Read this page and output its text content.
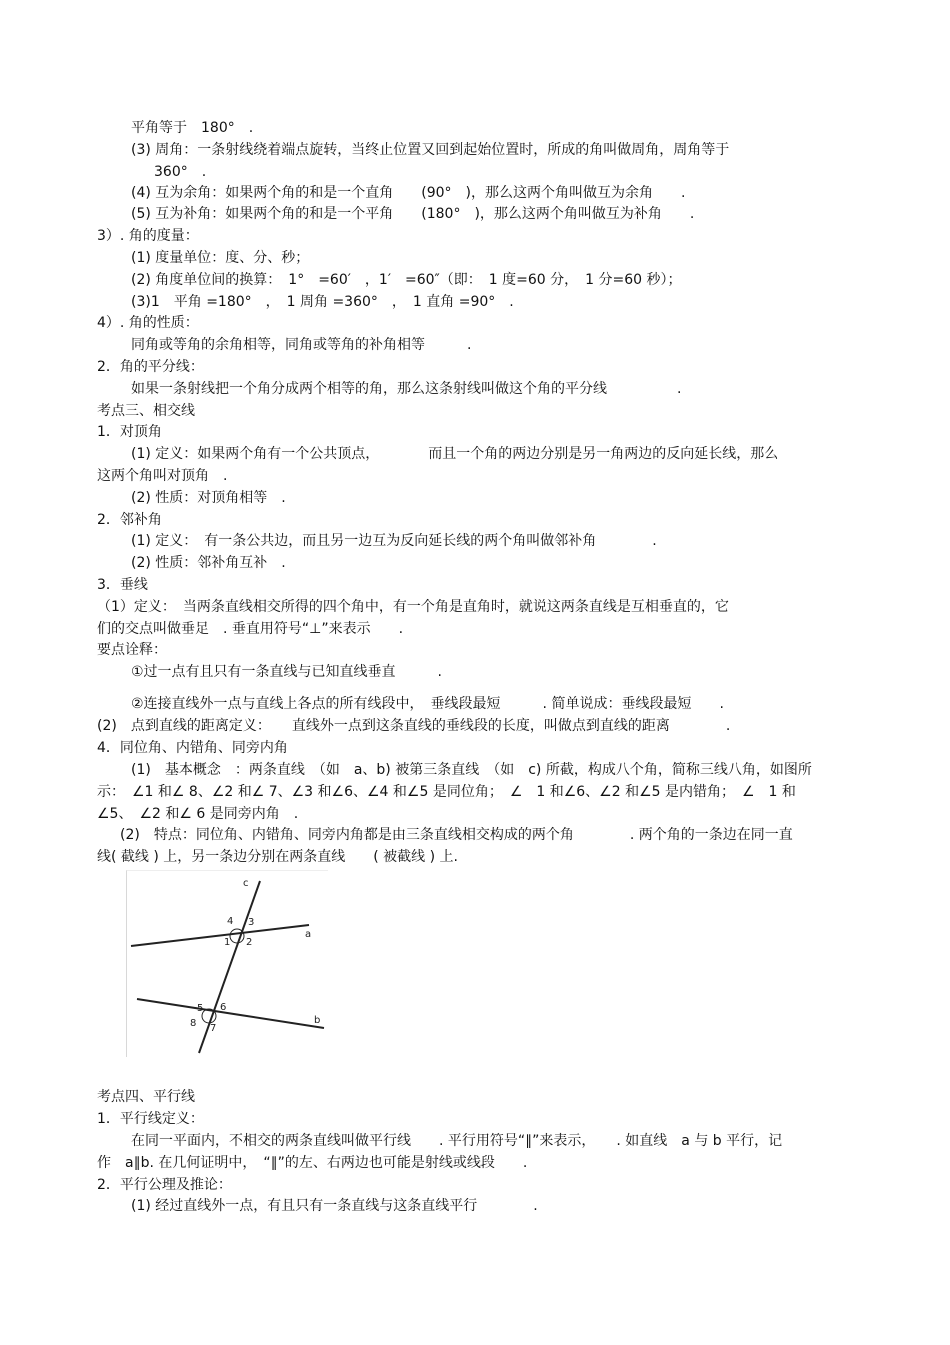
平角等于　180°　.
(3) 周角：一条射线绕着端点旋转，当终止位置又回到起始位置时，所成的角叫做周角，周角等于
360°　.
(4) 互为余角：如果两个角的和是一个直角　　(90°　)，那么这两个角叫做互为余角　　.
(5) 互为补角：如果两个角的和是一个平角　　(180°　)，那么这两个角叫做互为补角　　.
3）. 角的度量：
(1) 度量单位：度、分、秒；
(2) 角度单位间的换算：　1°　=60′　，1′　=60″（即：　1 度=60 分，　1 分=60 秒）；
(3)1　平角 =180°　，　1 周角 =360°　，　1 直角 =90°　.
4）. 角的性质：
同角或等角的余角相等，同角或等角的补角相等　　　.
2．角的平分线：
如果一条射线把一个角分成两个相等的角，那么这条射线叫做这个角的平分线　　　　　.
考点三、相交线
1．对顶角
(1) 定义：如果两个角有一个公共顶点，　　　　而且一个角的两边分别是另一角两边的反向延长线，那么
这两个角叫对顶角　.
(2) 性质：对顶角相等　.
2．邻补角
(1) 定义：　有一条公共边，而且另一边互为反向延长线的两个角叫做邻补角　　　　.
(2) 性质：邻补角互补　.
3．垂线
（1）定义：　当两条直线相交所得的四个角中，有一个角是直角时，就说这两条直线是互相垂直的，它
们的交点叫做垂足　. 垂直用符号“⊥”来表示　　.
要点诠释：
①过一点有且只有一条直线与已知直线垂直　　　.
②连接直线外一点与直线上各点的所有线段中，　垂线段最短　　　. 简单说成：垂线段最短　　.
(2)　点到直线的距离定义：　　直线外一点到这条直线的垂线段的长度，叫做点到直线的距离　　　　.
4．同位角、内错角、同旁内角
(1)　基本概念　：两条直线　（如　a、b) 被第三条直线　（如　c) 所截，构成八个角，简称三线八角，如图所
示：　∠1 和∠ 8、∠2 和∠ 7、∠3 和∠6、∠4 和∠5 是同位角；　∠　1 和∠6、∠2 和∠5 是内错角；　∠　1 和
∠5、　∠2 和∠ 6 是同旁内角　.
(2)　特点：同位角、内错角、同旁内角都是由三条直线相交构成的两个角　　　　. 两个角的一条边在同一直
线( 截线 ) 上，另一条边分别在两条直线　　( 被截线 ) 上.
c
a
b
1 2
3
4
5 6
7
8
考点四、平行线
1．平行线定义：
在同一平面内，不相交的两条直线叫做平行线　　. 平行用符号“∥”来表示，　　. 如直线　a 与 b 平行，记
作　a∥b. 在几何证明中，　“∥”的左、右两边也可能是射线或线段　　.
2．平行公理及推论：
(1) 经过直线外一点，有且只有一条直线与这条直线平行　　　　.
